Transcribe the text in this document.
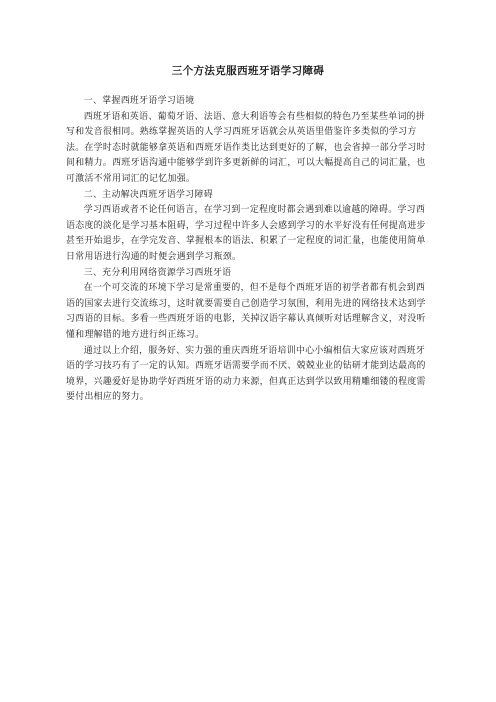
三个方法克服西班牙语学习障碍

一、掌握西班牙语学习语境

西班牙语和英语、葡萄牙语、法语、意大利语等会有些相似的特色乃至某些单词的拼写和发音很相同。熟练掌握英语的人学习西班牙语就会从英语里借鉴许多类似的学习方法。在学时态时就能够拿英语和西班牙语作类比达到更好的了解，也会省掉一部分学习时间和精力。西班牙语沟通中能够学到许多更新鲜的词汇，可以大幅提高自己的词汇量，也可激活不常用词汇的记忆加强。

二、主动解决西班牙语学习障碍

学习西语或者不论任何语言，在学习到一定程度时都会遇到难以逾越的障碍。学习西语态度的淡化是学习基本阻碍，学习过程中许多人会感到学习的水平好没有任何提高进步甚至开始退步，在学完发音、掌握根本的语法、积累了一定程度的词汇量，也能使用简单日常用语进行沟通的时便会遇到学习瓶颈。

三、充分利用网络资源学习西班牙语

在一个可交流的环境下学习是常重要的，但不是每个西班牙语的初学者都有机会到西语的国家去进行交流练习，这时就要需要自己创造学习氛围，利用先进的网络技术达到学习西语的目标。多看一些西班牙语的电影，关掉汉语字幕认真倾听对话理解含义，对没听懂和理解错的地方进行纠正练习。

通过以上介绍，服务好、实力强的重庆西班牙语培训中心小编相信大家应该对西班牙语的学习技巧有了一定的认知。西班牙语需要学而不厌、兢兢业业的钻研才能到达最高的境界，兴趣爱好是协助学好西班牙语的动力来源，但真正达到学以致用精雕细镂的程度需要付出相应的努力。
